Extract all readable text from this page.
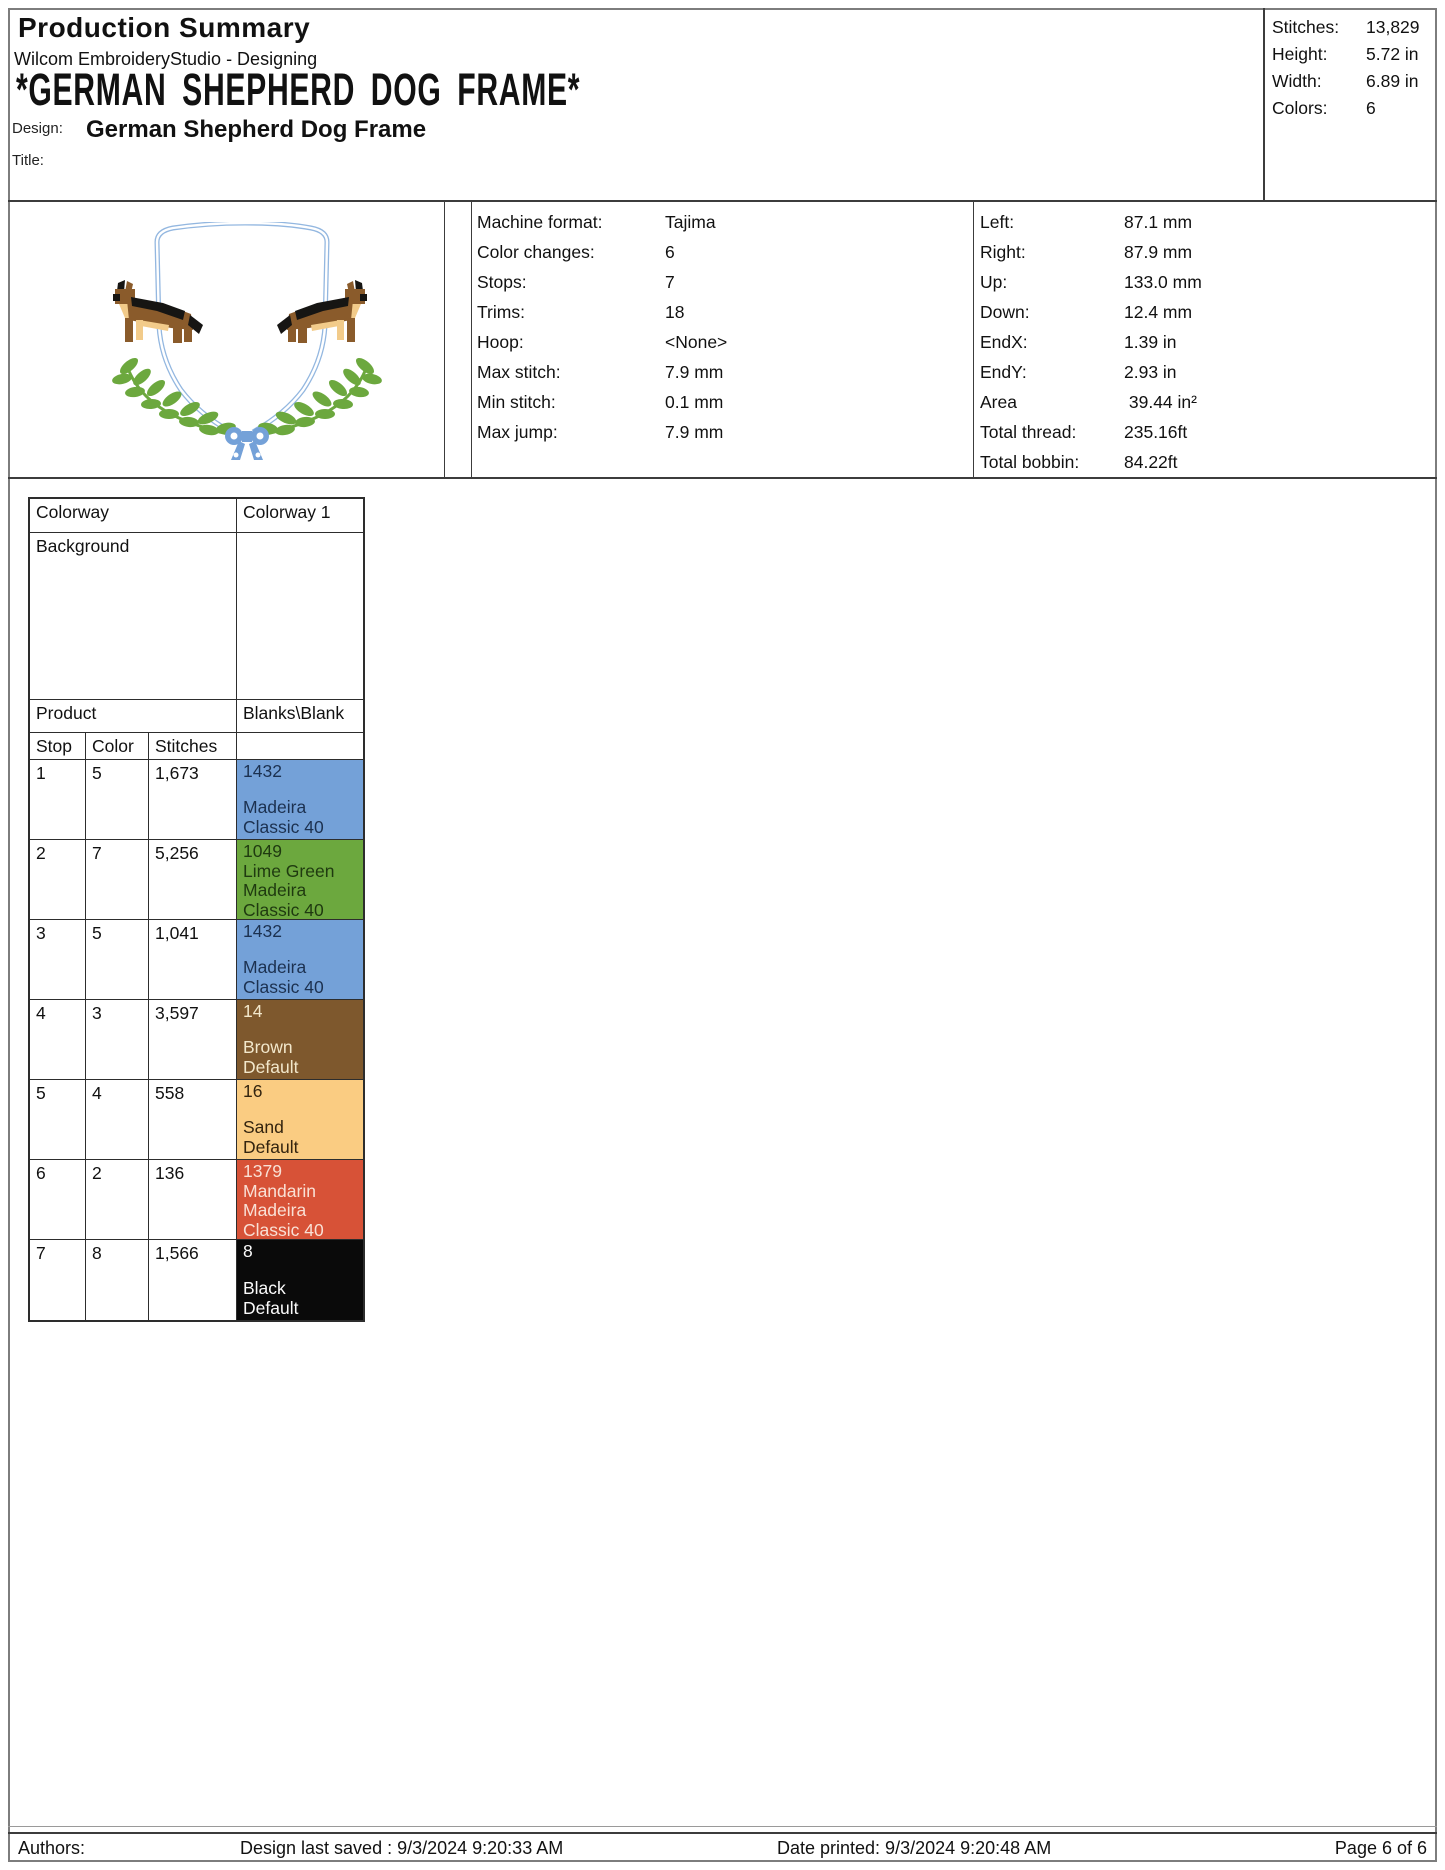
Production Summary
Wilcom EmbroideryStudio - Designing
*GERMAN SHEPHERD DOG FRAME*
Design: German Shepherd Dog Frame
Title:
Stitches:	13,829
Height:	5.72 in
Width:	6.89 in
Colors:	6
Machine format:	Tajima
Color changes:	6
Stops:	7
Trims:	18
Hoop:	<None>
Max stitch:	7.9 mm
Min stitch:	0.1 mm
Max jump:	7.9 mm
Left:	87.1 mm
Right:	87.9 mm
Up:	133.0 mm
Down:	12.4 mm
EndX:	1.39 in
EndY:	2.93 in
Area	39.44 in²
Total thread:	235.16ft
Total bobbin:	84.22ft
Colorway	Colorway 1
Background
Product	Blanks\Blank
Stop	Color	Stitches
1	5	1,673	1432
Madeira Classic 40
2	7	5,256	1049
Lime Green
Madeira Classic 40
3	5	1,041	1432
Madeira Classic 40
4	3	3,597	14
Brown
Default
5	4	558	16
Sand
Default
6	2	136	1379
Mandarin
Madeira Classic 40
7	8	1,566	8
Black
Default
Authors:	Design last saved : 9/3/2024 9:20:33 AM	Date printed: 9/3/2024 9:20:48 AM	Page 6 of 6
